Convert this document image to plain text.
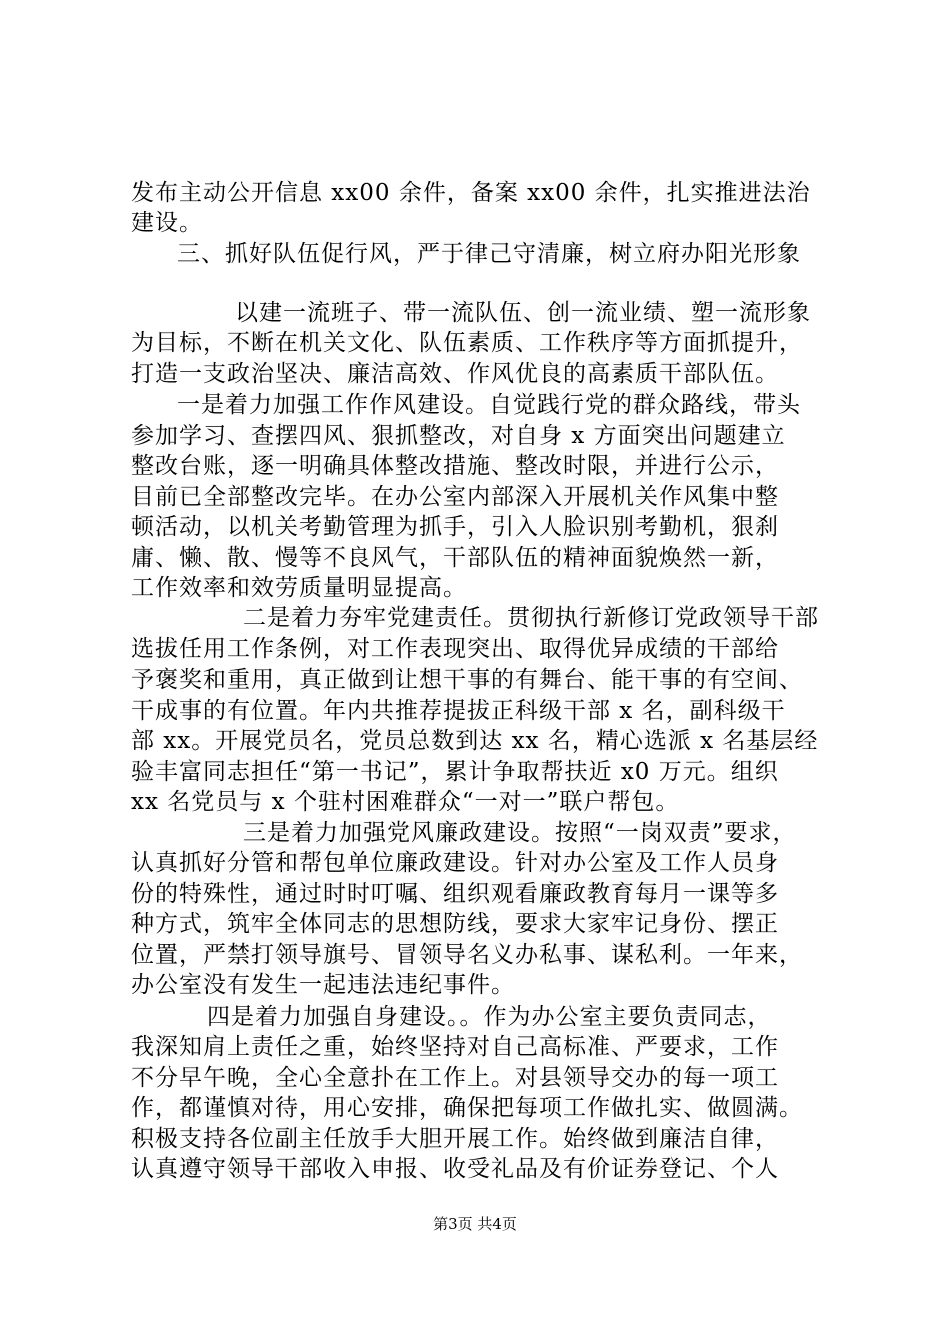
发布主动公开信息 xx00 余件，备案 xx00 余件，扎实推进法治
建设。
三、抓好队伍促行风，严于律己守清廉，树立府办阳光形象
以建一流班子、带一流队伍、创一流业绩、塑一流形象
为目标，不断在机关文化、队伍素质、工作秩序等方面抓提升，
打造一支政治坚决、廉洁高效、作风优良的高素质干部队伍。
一是着力加强工作作风建设。自觉践行党的群众路线，带头
参加学习、查摆四风、狠抓整改，对自身 x 方面突出问题建立
整改台账，逐一明确具体整改措施、整改时限，并进行公示，
目前已全部整改完毕。在办公室内部深入开展机关作风集中整
顿活动，以机关考勤管理为抓手，引入人脸识别考勤机，狠刹
庸、懒、散、慢等不良风气，干部队伍的精神面貌焕然一新，
工作效率和效劳质量明显提高。
二是着力夯牢党建责任。贯彻执行新修订党政领导干部
选拔任用工作条例，对工作表现突出、取得优异成绩的干部给
予褒奖和重用，真正做到让想干事的有舞台、能干事的有空间、
干成事的有位置。年内共推荐提拔正科级干部 x 名，副科级干
部 xx。开展党员名，党员总数到达 xx 名，精心选派 x 名基层经
验丰富同志担任“第一书记”，累计争取帮扶近 x0 万元。组织
xx 名党员与 x 个驻村困难群众“一对一”联户帮包。
三是着力加强党风廉政建设。按照“一岗双责”要求，
认真抓好分管和帮包单位廉政建设。针对办公室及工作人员身
份的特殊性，通过时时叮嘱、组织观看廉政教育每月一课等多
种方式，筑牢全体同志的思想防线，要求大家牢记身份、摆正
位置，严禁打领导旗号、冒领导名义办私事、谋私利。一年来，
办公室没有发生一起违法违纪事件。
四是着力加强自身建设。。作为办公室主要负责同志，
我深知肩上责任之重，始终坚持对自己高标准、严要求，工作
不分早午晚，全心全意扑在工作上。对县领导交办的每一项工
作，都谨慎对待，用心安排，确保把每项工作做扎实、做圆满。
积极支持各位副主任放手大胆开展工作。始终做到廉洁自律，
认真遵守领导干部收入申报、收受礼品及有价证券登记、个人
第3页 共4页
